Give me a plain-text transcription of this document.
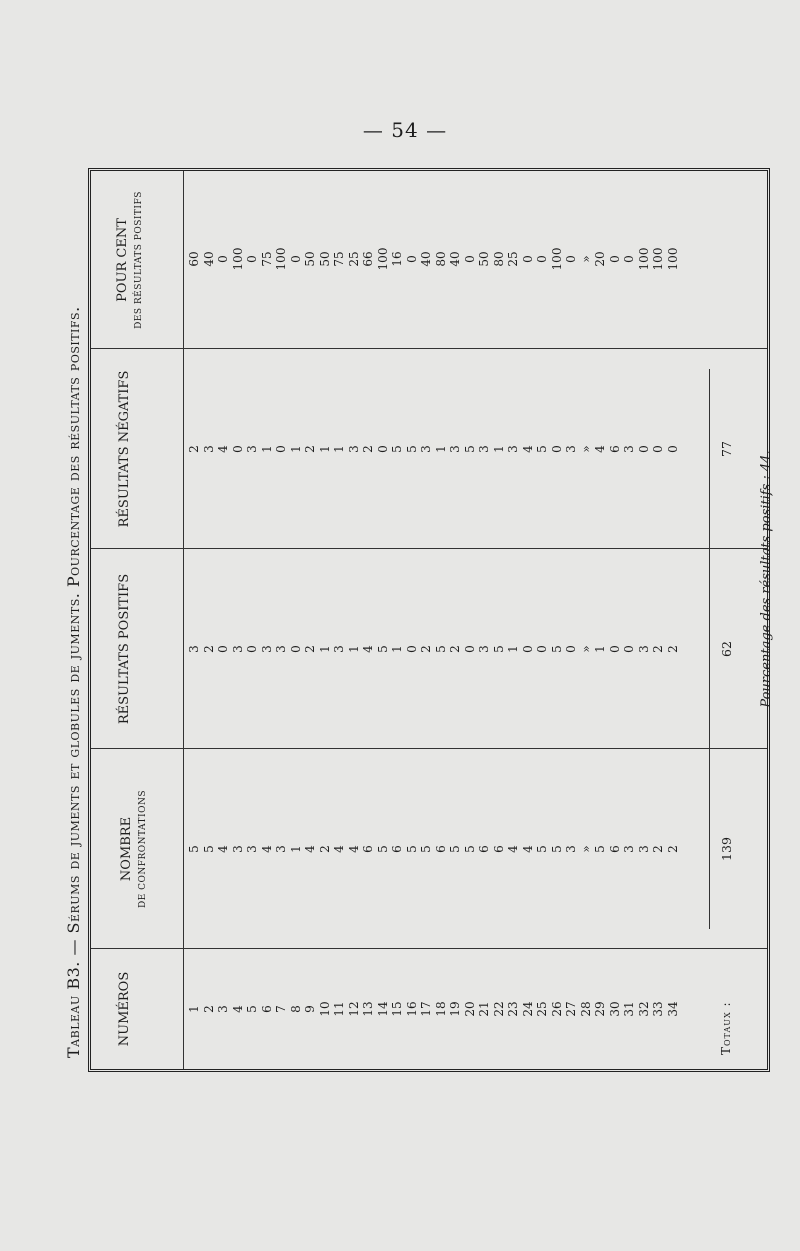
— 54 —
Tableau B3. — Sérums de juments et globules de juments. Pourcentage des résultats positifs.	NUMÉROS
NOMBRE DE CONFRONTATIONS
RÉSULTATS POSITIFS
RÉSULTATS NÉGATIFS
POUR CENT DES RÉSULTATS POSITIFS
1 2 3 4 5 6 7 8 9 10 11 12 13 14 15 16 17 18 19 20 21 22 23 24 25 26 27 28 29 30 31 32 33 34
5 5 4 3 3 4 3 1 4 2 4 4 6 5 6 5 5 6 5 5 6 6 4 4 5 5 3 » 5 6 3 3 2 2
3 2 0 3 0 3 3 0 2 1 3 1 4 5 1 0 2 5 2 0 3 5 1 0 0 5 0 » 1 0 0 3 2 2
2 3 4 0 3 1 0 1 2 1 1 3 2 0 5 5 3 1 3 5 3 1 3 4 5 0 3 » 4 6 3 0 0 0
60 40 0 100 0 75 100 0 50 50 75 25 66 100 16 0 40 80 40 0 50 80 25 0 0 100 0 » 20 0 0 100 100 100
Totaux :
139
62
77
Pourcentage des résultats positifs : 44.
